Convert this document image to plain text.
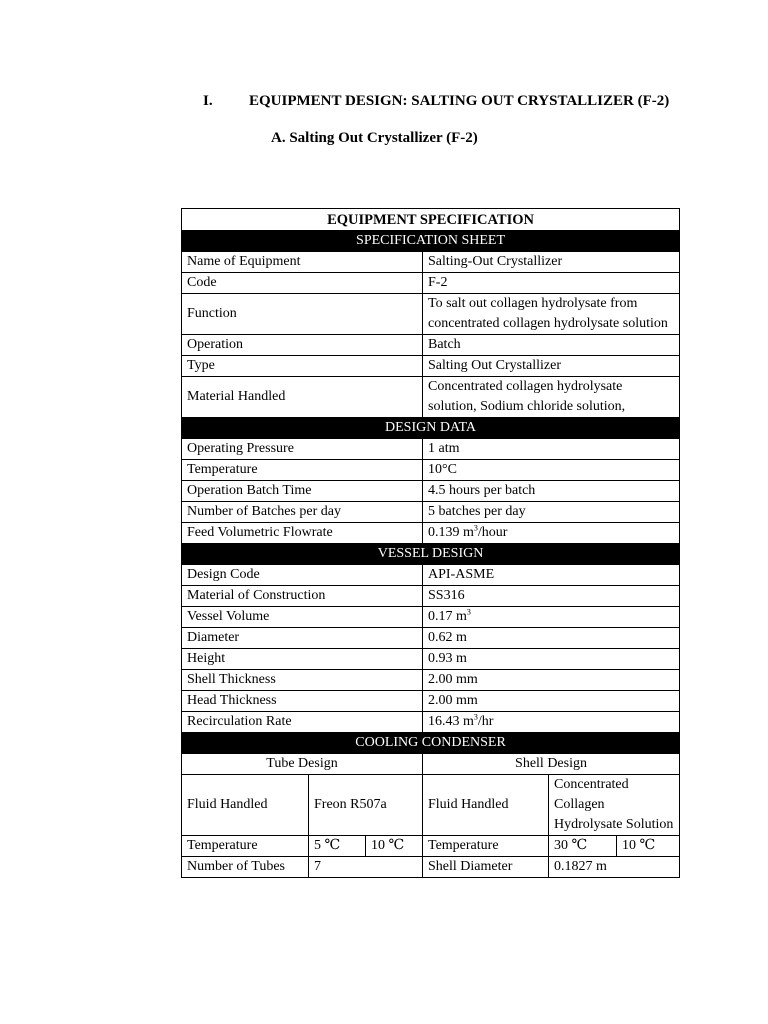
I. EQUIPMENT DESIGN: SALTING OUT CRYSTALLIZER (F-2)
A. Salting Out Crystallizer (F-2)
EQUIPMENT SPECIFICATION					
SPECIFICATION SHEET					
Name of Equipment			Salting-Out Crystallizer		
Code			F-2		
Function			To salt out collagen hydrolysate from concentrated collagen hydrolysate solution		
Operation			Batch		
Type			Salting Out Crystallizer		
Material Handled			Concentrated collagen hydrolysate solution, Sodium chloride solution,		
DESIGN DATA					
Operating Pressure			1 atm		
Temperature			10°C		
Operation Batch Time			4.5 hours per batch		
Number of Batches per day			5 batches per day		
Feed Volumetric Flowrate			0.139 $m^3$/hour		
VESSEL DESIGN					
Design Code			API-ASME		
Material of Construction			SS316		
Vessel Volume			0.17 $m^3$
Diameter			0.62 m		
Height			0.93 m		
Shell Thickness			2.00 mm		
Head Thickness			2.00 mm		
Recirculation Rate			16.43 $m^3/hr$		
COOLING CONDENSER					
Tube Design			Shell Design		
Fluid Handled	Freon R507a		Fluid Handled	Concentrated Collagen Hydrolysate Solution	
Temperature	5 ℃	10 ℃	Temperature	30 ℃	10 ℃
Number of Tubes	7		Shell Diameter	0.1827 m	
